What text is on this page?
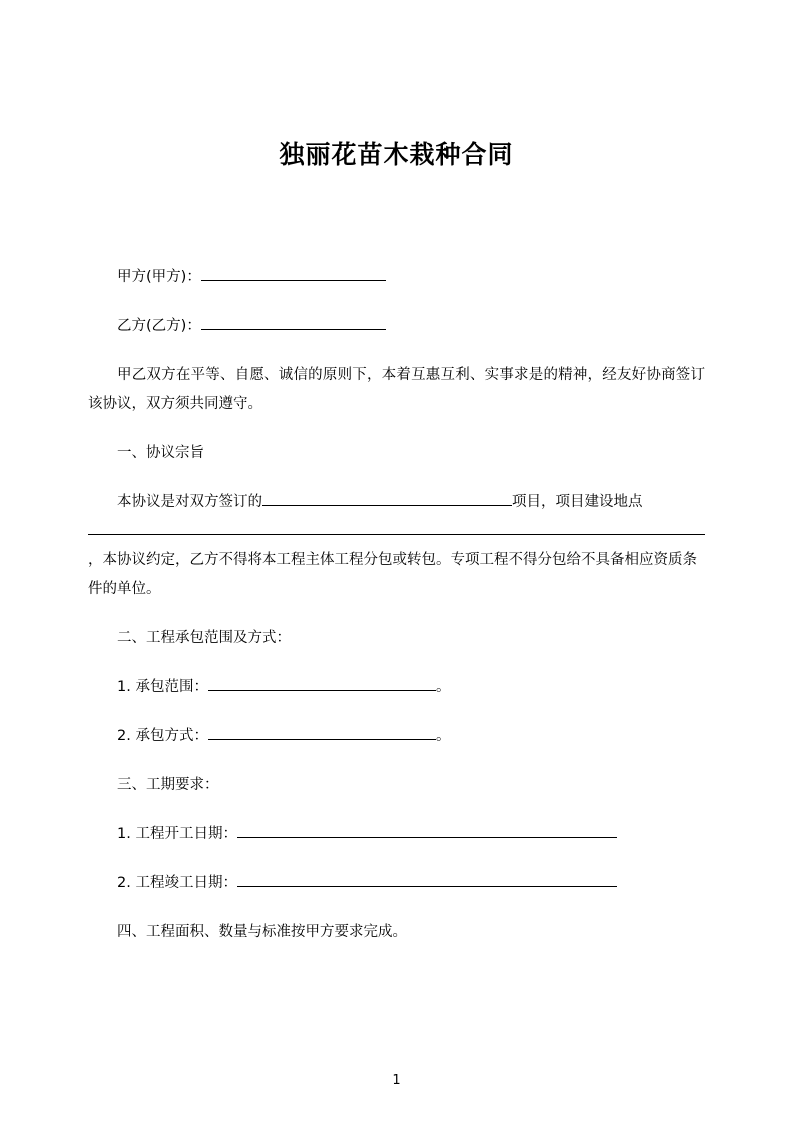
独丽花苗木栽种合同

甲方(甲方)：

乙方(乙方)：

甲乙双方在平等、自愿、诚信的原则下，本着互惠互利、实事求是的精神，经友好协商签订该协议，双方须共同遵守。

一、协议宗旨

本协议是对双方签订的	项目，项目建设地点，本协议约定，乙方不得将本工程主体工程分包或转包。专项工程不得分包给不具备相应资质条件的单位。

二、工程承包范围及方式：

1. 承包范围：	。

2. 承包方式：	。

三、工期要求：

1. 工程开工日期：

2. 工程竣工日期：

四、工程面积、数量与标准按甲方要求完成。

1
